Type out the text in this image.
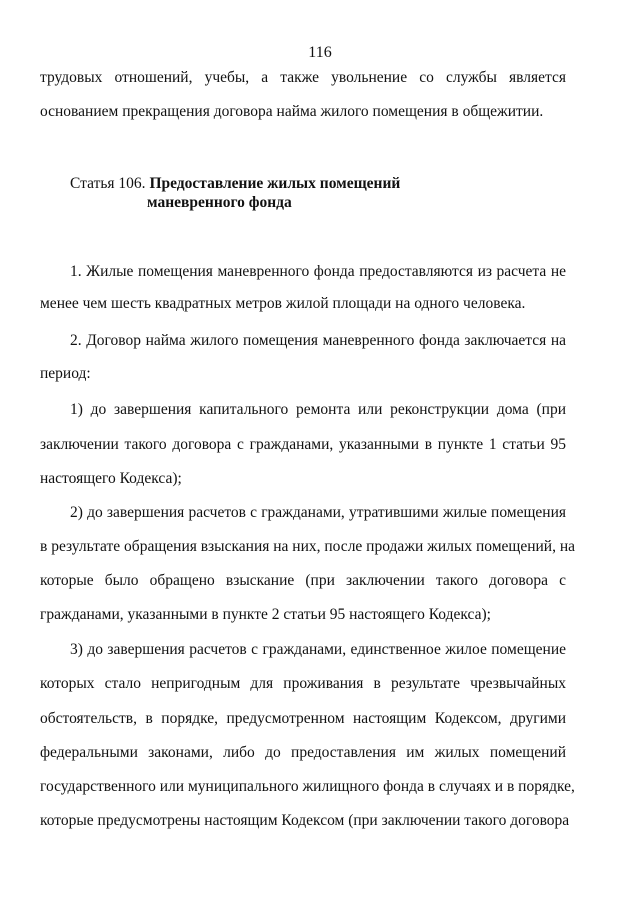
116
трудовых отношений, учебы, а также увольнение со службы является
основанием прекращения договора найма жилого помещения в общежитии.
Статья 106. Предоставление жилых помещений
маневренного фонда
1. Жилые помещения маневренного фонда предоставляются из расчета не
менее чем шесть квадратных метров жилой площади на одного человека.
2. Договор найма жилого помещения маневренного фонда заключается на
период:
1) до завершения капитального ремонта или реконструкции дома (при
заключении такого договора с гражданами, указанными в пункте 1 статьи 95
настоящего Кодекса);
2) до завершения расчетов с гражданами, утратившими жилые помещения
в результате обращения взыскания на них, после продажи жилых помещений, на
которые было обращено взыскание (при заключении такого договора с
гражданами, указанными в пункте 2 статьи 95 настоящего Кодекса);
3) до завершения расчетов с гражданами, единственное жилое помещение
которых стало непригодным для проживания в результате чрезвычайных
обстоятельств, в порядке, предусмотренном настоящим Кодексом, другими
федеральными законами, либо до предоставления им жилых помещений
государственного или муниципального жилищного фонда в случаях и в порядке,
которые предусмотрены настоящим Кодексом (при заключении такого договора
